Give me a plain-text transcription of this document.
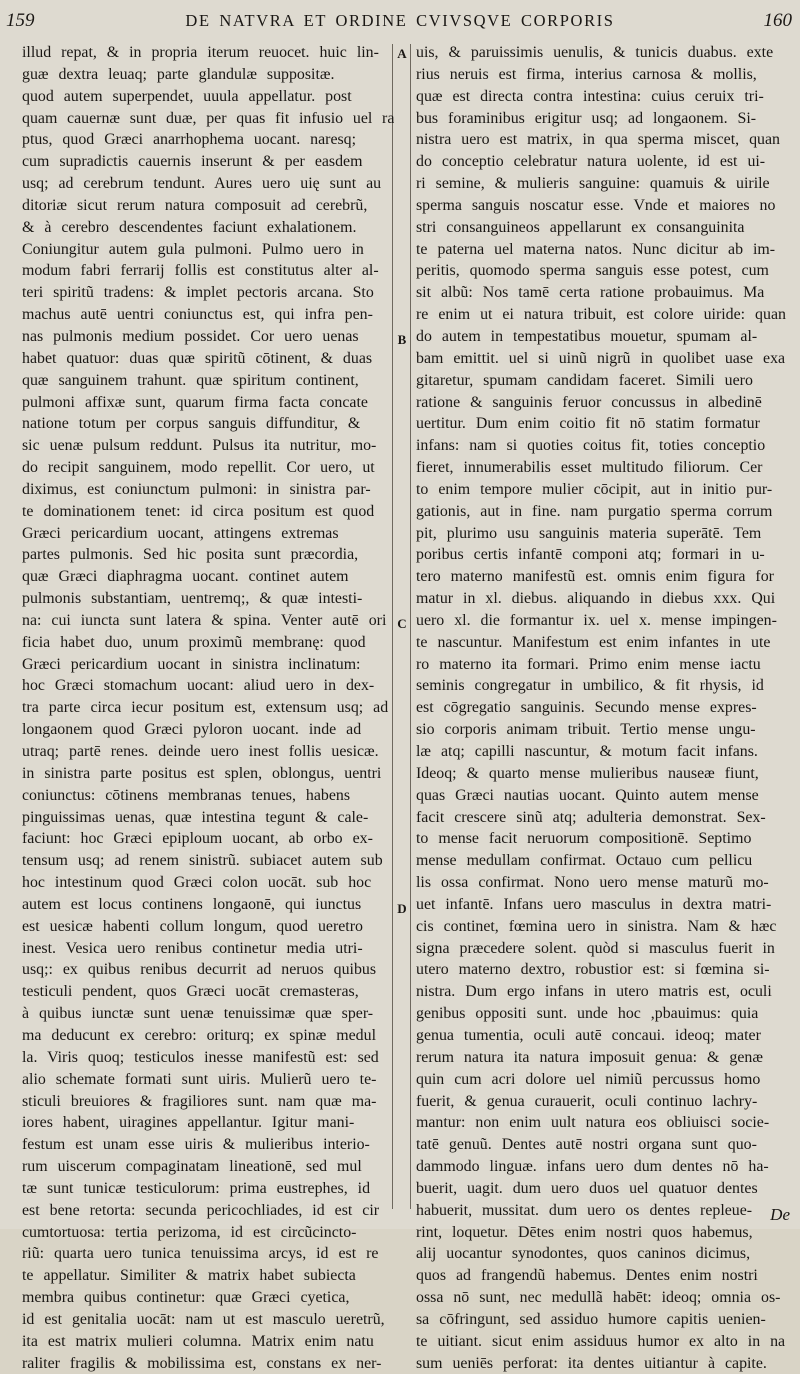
159	DE NATVRA ET ORDINE CVIVSQVE CORPORIS	160
A
B
C
D
illud repat, & in propria iterum reuocet. huic lin-
guæ dextra leuaq; parte glandulæ suppositæ.
quod autem superpendet, uuula appellatur. post
quam cauernæ sunt duæ, per quas fit infusio uel ra
ptus, quod Græci anarrhophema uocant. naresq;
cum supradictis cauernis inserunt & per easdem
usq; ad cerebrum tendunt. Aures uero uię sunt au
ditoriæ sicut rerum natura composuit ad cerebrũ,
& à cerebro descendentes faciunt exhalationem.
Coniungitur autem gula pulmoni. Pulmo uero in
modum fabri ferrarij follis est constitutus alter al-
teri spiritũ tradens: & implet pectoris arcana. Sto
machus autē uentri coniunctus est, qui infra pen-
nas pulmonis medium possidet. Cor uero uenas
habet quatuor: duas quæ spiritũ cōtinent, & duas
quæ sanguinem trahunt. quæ spiritum continent,
pulmoni affixæ sunt, quarum firma facta concate
natione totum per corpus sanguis diffunditur, &
sic uenæ pulsum reddunt. Pulsus ita nutritur, mo-
do recipit sanguinem, modo repellit. Cor uero, ut
diximus, est coniunctum pulmoni: in sinistra par-
te dominationem tenet: id circa positum est quod
Græci pericardium uocant, attingens extremas
partes pulmonis. Sed hic posita sunt præcordia,
quæ Græci diaphragma uocant. continet autem
pulmonis substantiam, uentremq;, & quæ intesti-
na: cui iuncta sunt latera & spina. Venter autē ori
ficia habet duo, unum proximũ membranę: quod
Græci pericardium uocant in sinistra inclinatum:
hoc Græci stomachum uocant: aliud uero in dex-
tra parte circa iecur positum est, extensum usq; ad
longaonem quod Græci pyloron uocant. inde ad
utraq; partē renes. deinde uero inest follis uesicæ.
in sinistra parte positus est splen, oblongus, uentri
coniunctus: cōtinens membranas tenues, habens
pinguissimas uenas, quæ intestina tegunt & cale-
faciunt: hoc Græci epiploum uocant, ab orbo ex-
tensum usq; ad renem sinistrũ. subiacet autem sub
hoc intestinum quod Græci colon uocāt. sub hoc
autem est locus continens longaonē, qui iunctus
est uesicæ habenti collum longum, quod ueretro
inest. Vesica uero renibus continetur media utri-
usq;: ex quibus renibus decurrit ad neruos quibus
testiculi pendent, quos Græci uocāt cremasteras,
à quibus iunctæ sunt uenæ tenuissimæ quæ sper-
ma deducunt ex cerebro: oriturq; ex spinæ medul
la. Viris quoq; testiculos inesse manifestũ est: sed
alio schemate formati sunt uiris. Mulierũ uero te-
sticuli breuiores & fragiliores sunt. nam quæ ma-
iores habent, uiragines appellantur. Igitur mani-
festum est unam esse uiris & mulieribus interio-
rum uiscerum compaginatam lineationē, sed mul
tæ sunt tunicæ testiculorum: prima eustrephes, id
est bene retorta: secunda pericochliades, id est cir
cumtortuosa: tertia perizoma, id est circũcincto-
riũ: quarta uero tunica tenuissima arcys, id est re
te appellatur. Similiter & matrix habet subiecta
membra quibus continetur: quæ Græci cyetica,
id est genitalia uocāt: nam ut est masculo ueretrũ,
ita est matrix mulieri columna. Matrix enim natu
raliter fragilis & mobilissima est, constans ex ner-
uis, & paruissimis uenulis, & tunicis duabus. exte
rius neruis est firma, interius carnosa & mollis,
quæ est directa contra intestina: cuius ceruix tri-
bus foraminibus erigitur usq; ad longaonem. Si-
nistra uero est matrix, in qua sperma miscet, quan
do conceptio celebratur natura uolente, id est ui-
ri semine, & mulieris sanguine: quamuis & uirile
sperma sanguis noscatur esse. Vnde et maiores no
stri consanguineos appellarunt ex consanguinita
te paterna uel materna natos. Nunc dicitur ab im-
peritis, quomodo sperma sanguis esse potest, cum
sit albũ: Nos tamē certa ratione probauimus. Ma
re enim ut ei natura tribuit, est colore uiride: quan
do autem in tempestatibus mouetur, spumam al-
bam emittit. uel si uinũ nigrũ in quolibet uase exa
gitaretur, spumam candidam faceret. Simili uero
ratione & sanguinis feruor concussus in albedinē
uertitur. Dum enim coitio fit nō statim formatur
infans: nam si quoties coitus fit, toties conceptio
fieret, innumerabilis esset multitudo filiorum. Cer
to enim tempore mulier cōcipit, aut in initio pur-
gationis, aut in fine. nam purgatio sperma corrum
pit, plurimo usu sanguinis materia superātē. Tem
poribus certis infantē componi atq; formari in u-
tero materno manifestũ est. omnis enim figura for
matur in xl. diebus. aliquando in diebus xxx. Qui
uero xl. die formantur ix. uel x. mense impingen-
te nascuntur. Manifestum est enim infantes in ute
ro materno ita formari. Primo enim mense iactu
seminis congregatur in umbilico, & fit rhysis, id
est cōgregatio sanguinis. Secundo mense expres-
sio corporis animam tribuit. Tertio mense ungu-
læ atq; capilli nascuntur, & motum facit infans.
Ideoq; & quarto mense mulieribus nauseæ fiunt,
quas Græci nautias uocant. Quinto autem mense
facit crescere sinũ atq; adulteria demonstrat. Sex-
to mense facit neruorum compositionē. Septimo
mense medullam confirmat. Octauo cum pellicu
lis ossa confirmat. Nono uero mense maturũ mo-
uet infantē. Infans uero masculus in dextra matri-
cis continet, fœmina uero in sinistra. Nam & hæc
signa præcedere solent. quòd si masculus fuerit in
utero materno dextro, robustior est: si fœmina si-
nistra. Dum ergo infans in utero matris est, oculi
genibus oppositi sunt. unde hoc ,pbauimus: quia
genua tumentia, oculi autē concaui. ideoq; mater
rerum natura ita natura imposuit genua: & genæ
quin cum acri dolore uel nimiũ percussus homo
fuerit, & genua curauerit, oculi continuo lachry-
mantur: non enim uult natura eos obliuisci socie-
tatē genuũ. Dentes autē nostri organa sunt quo-
dammodo linguæ. infans uero dum dentes nō ha-
buerit, uagit. dum uero duos uel quatuor dentes
habuerit, mussitat. dum uero os dentes repleue-
rint, loquetur. Dētes enim nostri quos habemus,
alij uocantur synodontes, quos caninos dicimus,
quos ad frangendũ habemus. Dentes enim nostri
ossa nō sunt, nec medullã habēt: ideoq; omnia os-
sa cōfringunt, sed assiduo humore capitis uenien-
te uitiant. sicut enim assiduus humor ex alto in na
sum ueniēs perforat: ita dentes uitiantur à capite.
De
